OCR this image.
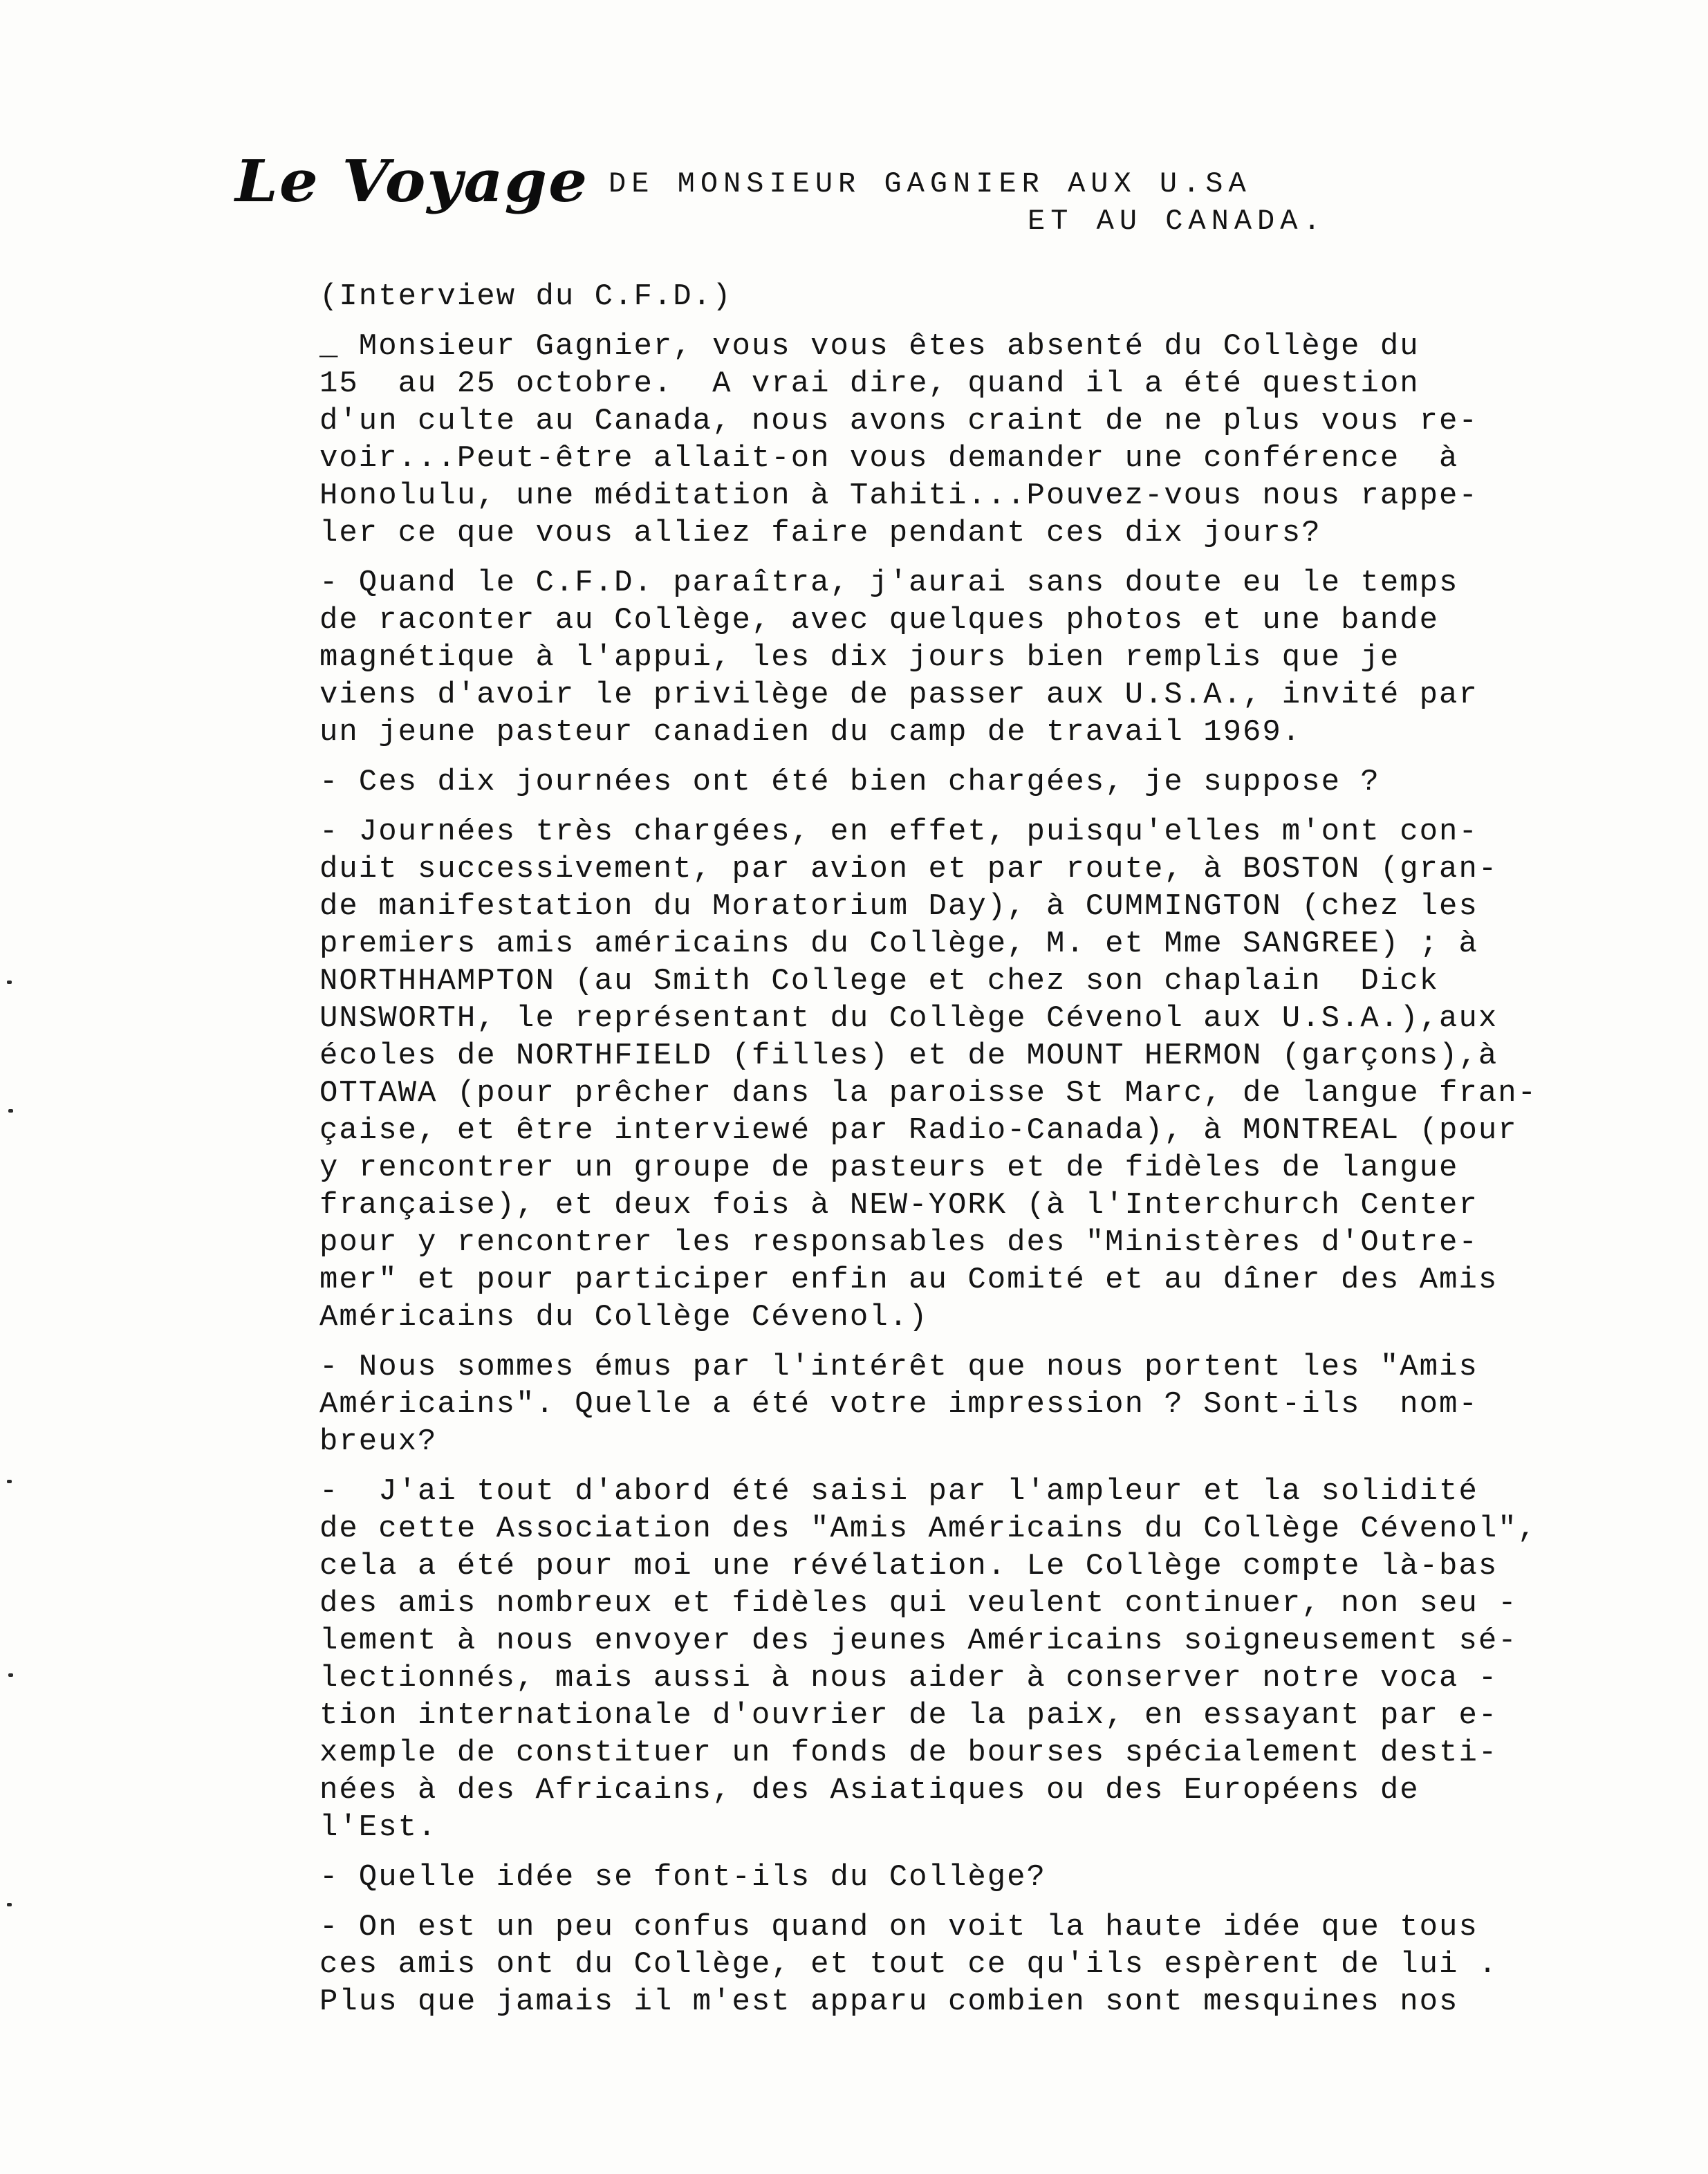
Le Voyage DE MONSIEUR GAGNIER AUX U.SA
ET AU CANADA.
(Interview du C.F.D.)
_ Monsieur Gagnier, vous vous êtes absenté du Collège du
15  au 25 octobre.  A vrai dire, quand il a été question
d'un culte au Canada, nous avons craint de ne plus vous re-
voir...Peut-être allait-on vous demander une conférence  à
Honolulu, une méditation à Tahiti...Pouvez-vous nous rappe-
ler ce que vous alliez faire pendant ces dix jours?
- Quand le C.F.D. paraîtra, j'aurai sans doute eu le temps
de raconter au Collège, avec quelques photos et une bande
magnétique à l'appui, les dix jours bien remplis que je
viens d'avoir le privilège de passer aux U.S.A., invité par
un jeune pasteur canadien du camp de travail 1969.
- Ces dix journées ont été bien chargées, je suppose ?
- Journées très chargées, en effet, puisqu'elles m'ont con-
duit successivement, par avion et par route, à BOSTON (gran-
de manifestation du Moratorium Day), à CUMMINGTON (chez les
premiers amis américains du Collège, M. et Mme SANGREE) ; à
NORTHHAMPTON (au Smith College et chez son chaplain  Dick
UNSWORTH, le représentant du Collège Cévenol aux U.S.A.),aux
écoles de NORTHFIELD (filles) et de MOUNT HERMON (garçons),à
OTTAWA (pour prêcher dans la paroisse St Marc, de langue fran-
çaise, et être interviewé par Radio-Canada), à MONTREAL (pour
y rencontrer un groupe de pasteurs et de fidèles de langue
française), et deux fois à NEW-YORK (à l'Interchurch Center
pour y rencontrer les responsables des "Ministères d'Outre-
mer" et pour participer enfin au Comité et au dîner des Amis
Américains du Collège Cévenol.)
- Nous sommes émus par l'intérêt que nous portent les "Amis
Américains". Quelle a été votre impression ? Sont-ils  nom-
breux?
-  J'ai tout d'abord été saisi par l'ampleur et la solidité
de cette Association des "Amis Américains du Collège Cévenol",
cela a été pour moi une révélation. Le Collège compte là-bas
des amis nombreux et fidèles qui veulent continuer, non seu -
lement à nous envoyer des jeunes Américains soigneusement sé-
lectionnés, mais aussi à nous aider à conserver notre voca -
tion internationale d'ouvrier de la paix, en essayant par e-
xemple de constituer un fonds de bourses spécialement desti-
nées à des Africains, des Asiatiques ou des Européens de
l'Est.
- Quelle idée se font-ils du Collège?
- On est un peu confus quand on voit la haute idée que tous
ces amis ont du Collège, et tout ce qu'ils espèrent de lui .
Plus que jamais il m'est apparu combien sont mesquines nos
